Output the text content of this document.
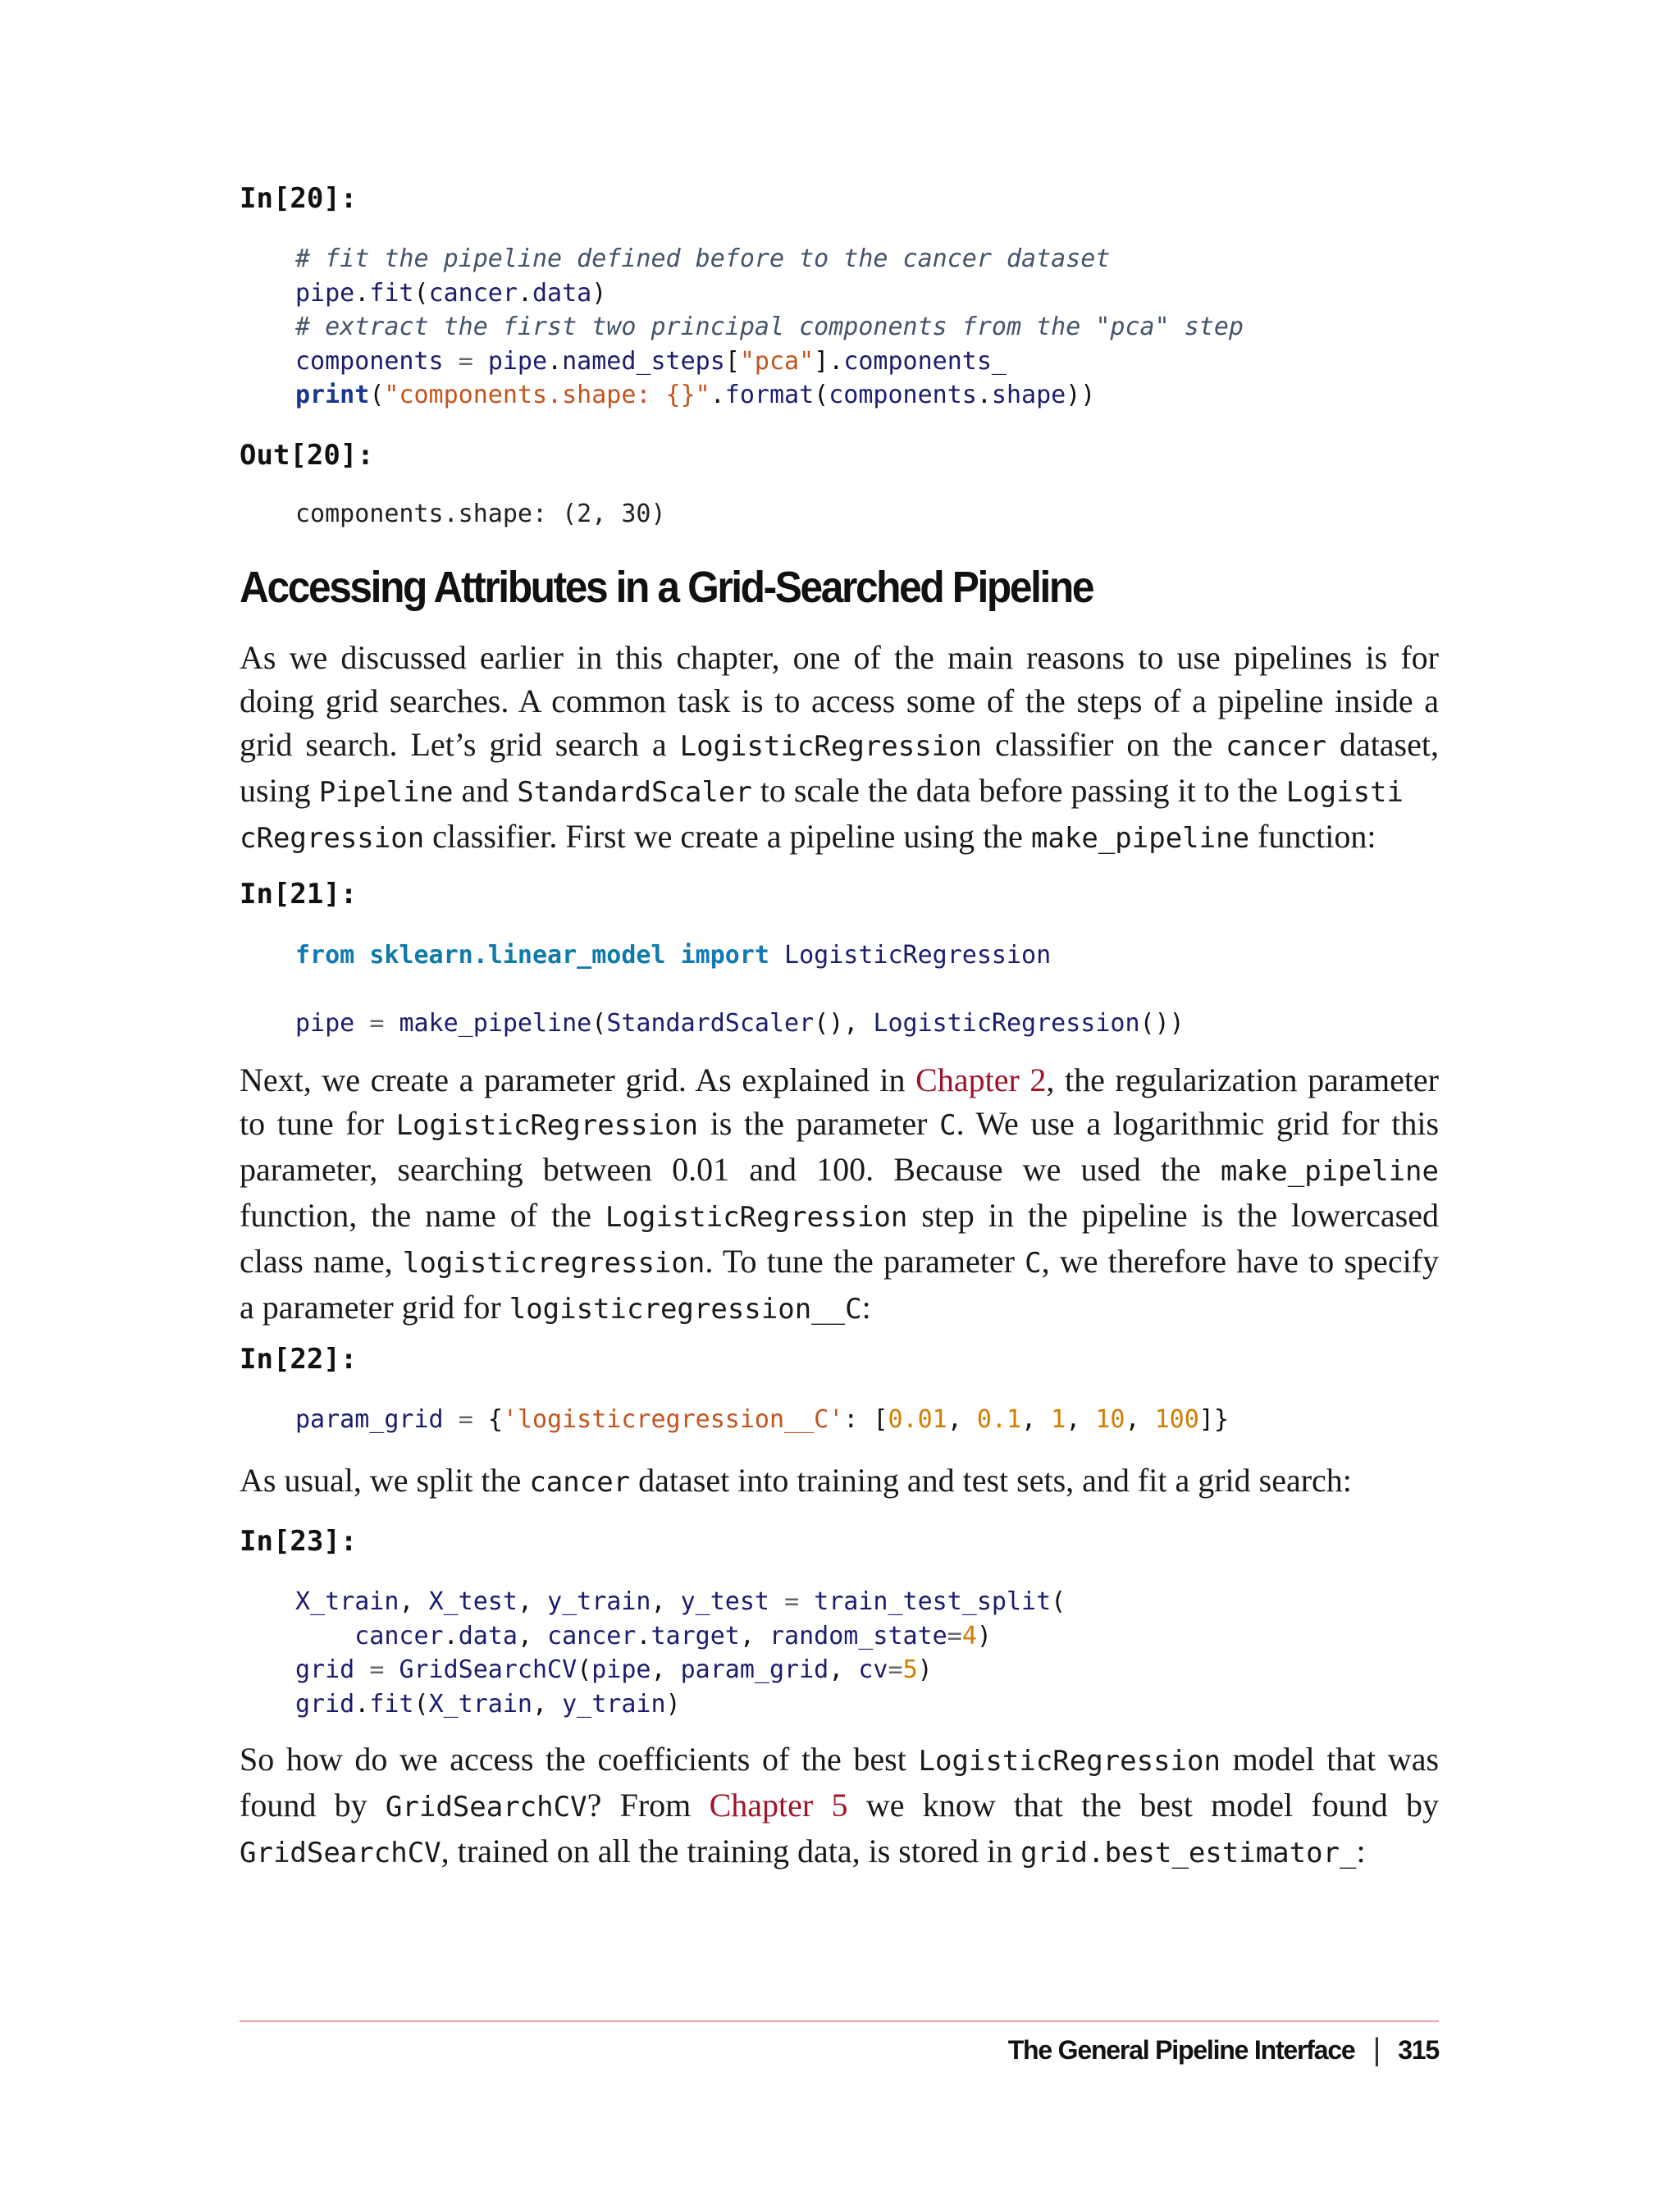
In[20]:
# fit the pipeline defined before to the cancer dataset
pipe.fit(cancer.data)
# extract the first two principal components from the "pca" step
components = pipe.named_steps["pca"].components_
print("components.shape: {}".format(components.shape))
Out[20]:
components.shape: (2, 30)
Accessing Attributes in a Grid-Searched Pipeline

As we discussed earlier in this chapter, one of the main reasons to use pipelines is for doing grid searches. A common task is to access some of the steps of a pipeline inside a grid search. Let’s grid search a LogisticRegression classifier on the cancer dataset, using Pipeline and StandardScaler to scale the data before passing it to the Logisti
cRegression classifier. First we create a pipeline using the make_pipeline function:

In[21]:
from sklearn.linear_model import LogisticRegression

pipe = make_pipeline(StandardScaler(), LogisticRegression())

Next, we create a parameter grid. As explained in Chapter 2, the regularization parameter to tune for LogisticRegression is the parameter C. We use a logarithmic grid for this parameter, searching between 0.01 and 100. Because we used the make_pipeline function, the name of the LogisticRegression step in the pipeline is the lowercased class name, logisticregression. To tune the parameter C, we therefore have to specify a parameter grid for logisticregression__C:

In[22]:
param_grid = {'logisticregression__C': [0.01, 0.1, 1, 10, 100]}

As usual, we split the cancer dataset into training and test sets, and fit a grid search:

In[23]:
X_train, X_test, y_train, y_test = train_test_split(
cancer.data, cancer.target, random_state=4)
grid = GridSearchCV(pipe, param_grid, cv=5)
grid.fit(X_train, y_train)

So how do we access the coefficients of the best LogisticRegression model that was found by GridSearchCV? From Chapter 5 we know that the best model found by GridSearchCV, trained on all the training data, is stored in grid.best_estimator_:

The General Pipeline Interface | 315
